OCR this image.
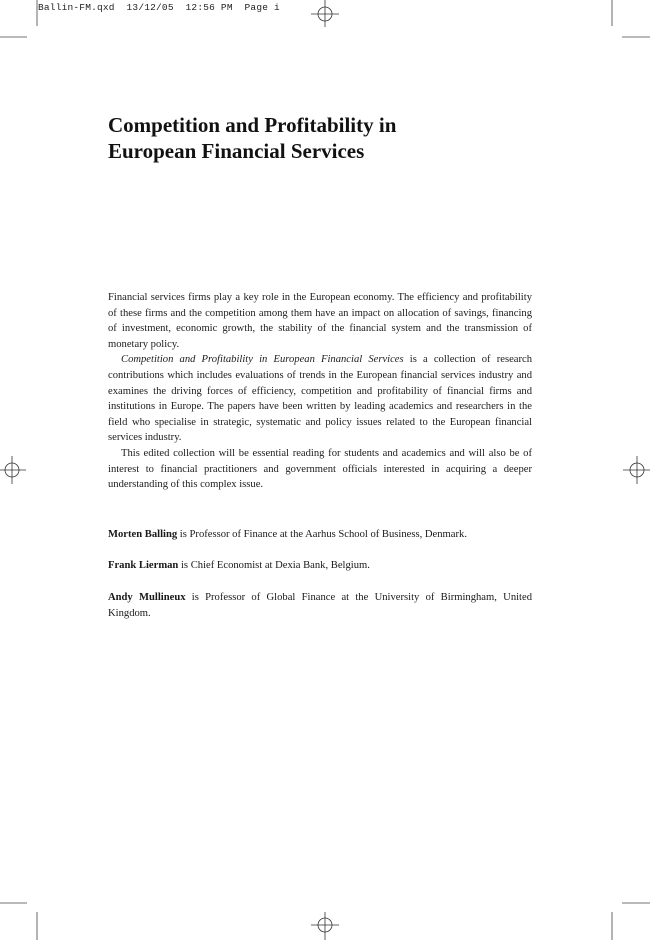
Ballin-FM.qxd  13/12/05  12:56 PM  Page i
Competition and Profitability in
European Financial Services

Financial services firms play a key role in the European economy. The efficiency and profitability of these firms and the competition among them have an impact on allocation of savings, financing of investment, economic growth, the stability of the financial system and the transmission of monetary policy.

Competition and Profitability in European Financial Services is a collection of research contributions which includes evaluations of trends in the European financial services industry and examines the driving forces of efficiency, competition and profitability of financial firms and institutions in Europe. The papers have been written by leading academics and researchers in the field who specialise in strategic, systematic and policy issues related to the European financial services industry.

This edited collection will be essential reading for students and academics and will also be of interest to financial practitioners and government officials interested in acquiring a deeper understanding of this complex issue.

Morten Balling is Professor of Finance at the Aarhus School of Business, Denmark.

Frank Lierman is Chief Economist at Dexia Bank, Belgium.

Andy Mullineux is Professor of Global Finance at the University of Birmingham, United Kingdom.
